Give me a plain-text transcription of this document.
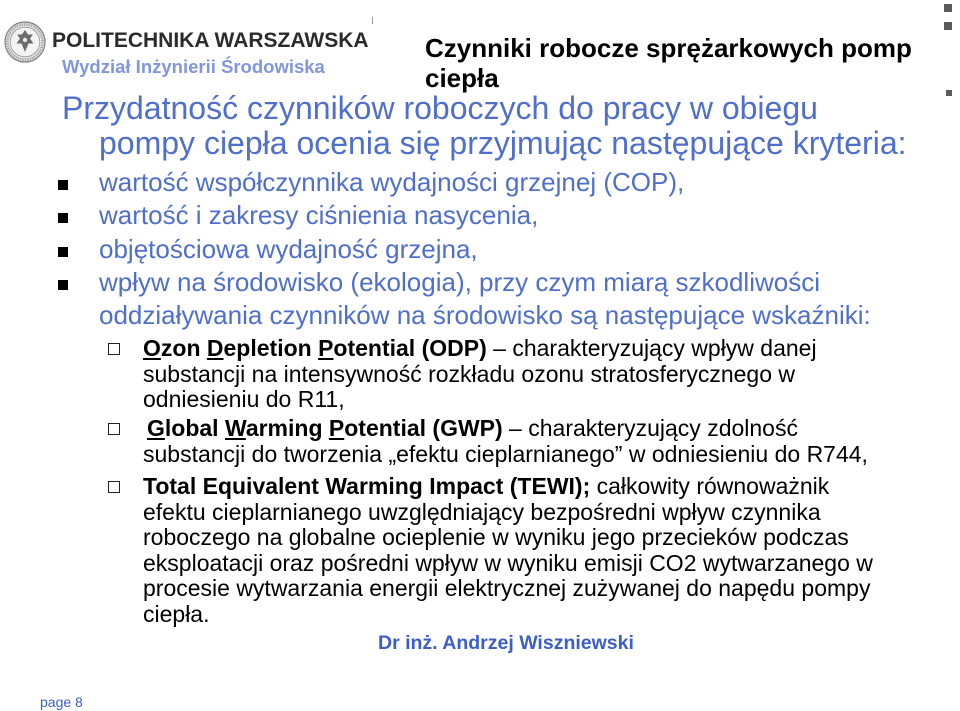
POLITECHNIKA WARSZAWSKA
Wydział Inżynierii Środowiska
Czynniki robocze sprężarkowych pomp
ciepła
Przydatność czynników roboczych do pracy w obiegu
pompy ciepła ocenia się przyjmując następujące kryteria:
wartość współczynnika wydajności grzejnej (COP),
wartość i zakresy ciśnienia nasycenia,
objętościowa wydajność grzejna,
wpływ na środowisko (ekologia), przy czym miarą szkodliwości
oddziaływania czynników na środowisko są następujące wskaźniki:
Ozon Depletion Potential (ODP) – charakteryzujący wpływ danej
substancji na intensywność rozkładu ozonu stratosferycznego w
odniesieniu do R11,
Global Warming Potential (GWP) – charakteryzujący zdolność
substancji do tworzenia „efektu cieplarnianego” w odniesieniu do R744,
Total Equivalent Warming Impact (TEWI); całkowity równoważnik
efektu cieplarnianego uwzględniający bezpośredni wpływ czynnika
roboczego na globalne ocieplenie w wyniku jego przecieków podczas
eksploatacji oraz pośredni wpływ w wyniku emisji CO2 wytwarzanego w
procesie wytwarzania energii elektrycznej zużywanej do napędu pompy
ciepła.
Dr inż. Andrzej Wiszniewski
page 8
